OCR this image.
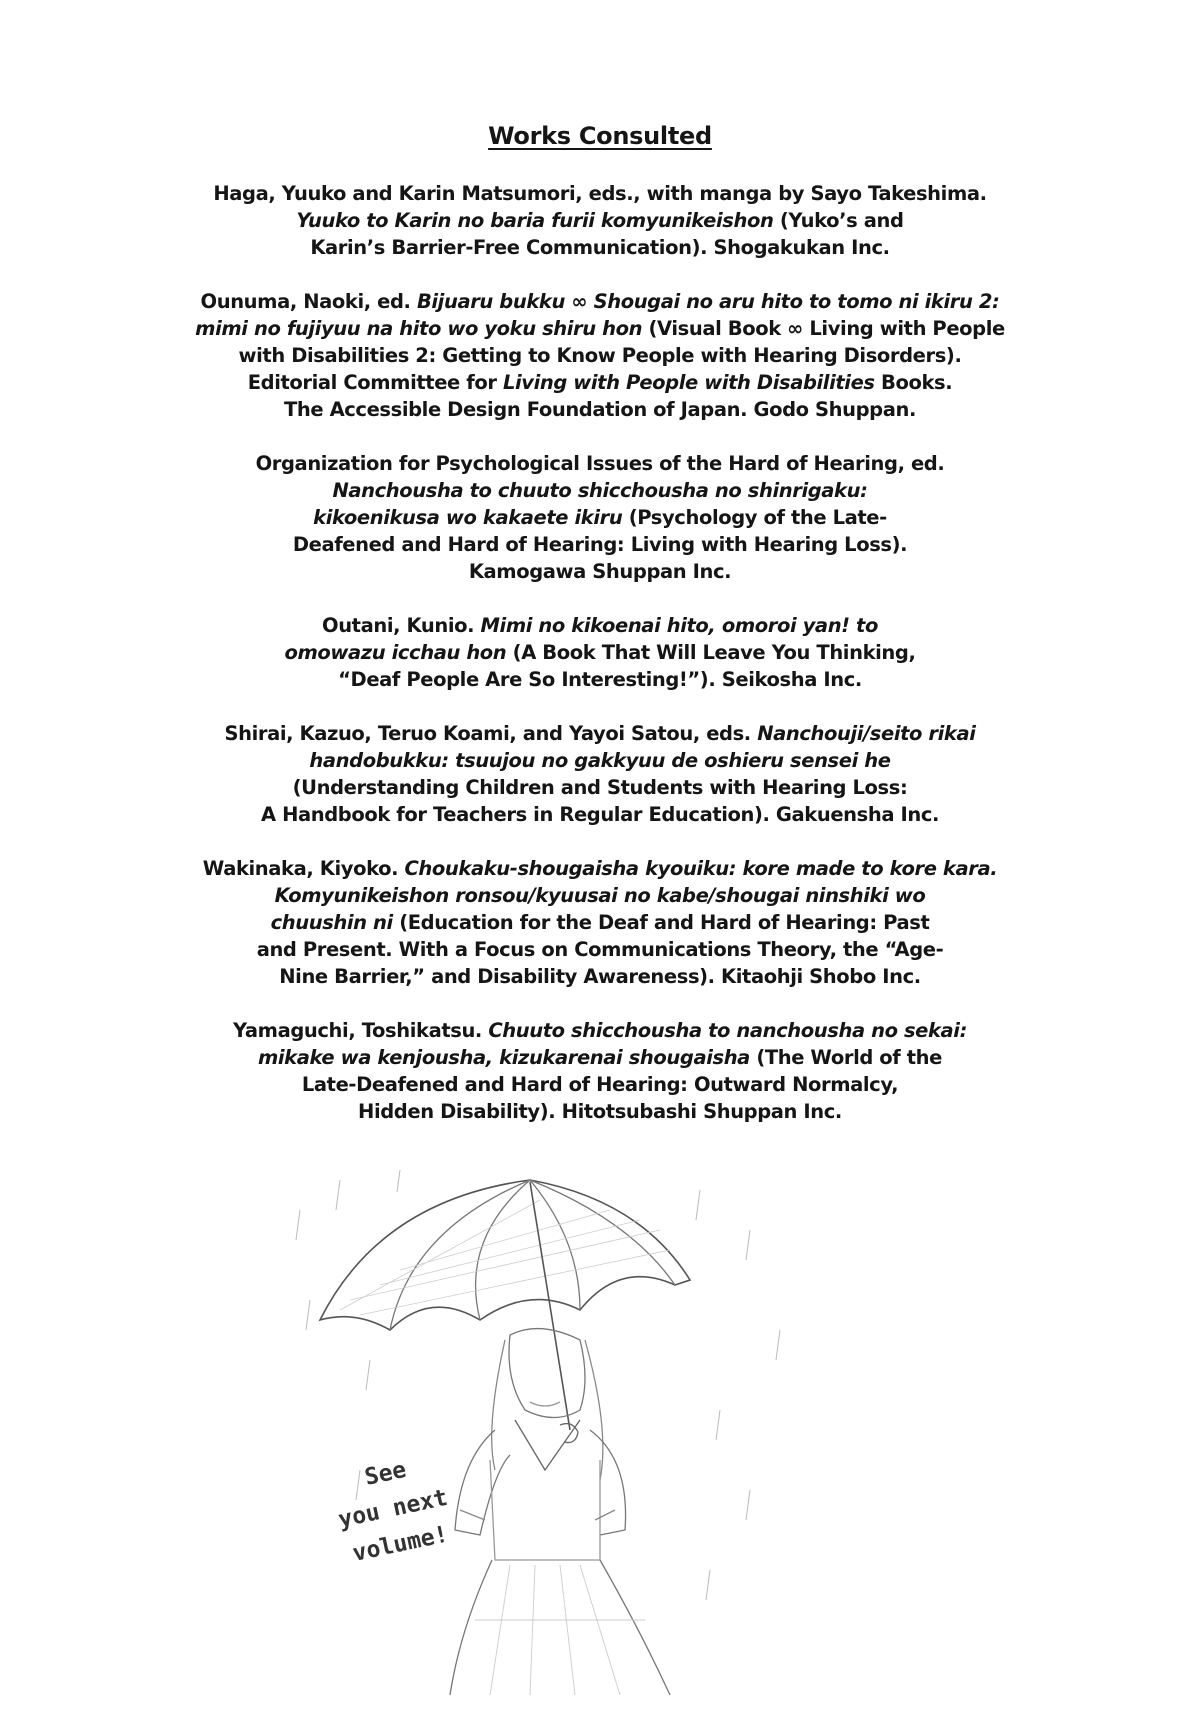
Works Consulted
Haga, Yuuko and Karin Matsumori, eds., with manga by Sayo Takeshima.
Yuuko to Karin no baria furii komyunikeishon (Yuko’s and
Karin’s Barrier-Free Communication). Shogakukan Inc.
Ounuma, Naoki, ed. Bijuaru bukku ∞ Shougai no aru hito to tomo ni ikiru 2:
mimi no fujiyuu na hito wo yoku shiru hon (Visual Book ∞ Living with People
with Disabilities 2: Getting to Know People with Hearing Disorders).
Editorial Committee for Living with People with Disabilities Books.
The Accessible Design Foundation of Japan. Godo Shuppan.
Organization for Psychological Issues of the Hard of Hearing, ed.
Nanchousha to chuuto shicchousha no shinrigaku:
kikoenikusa wo kakaete ikiru (Psychology of the Late-
Deafened and Hard of Hearing: Living with Hearing Loss).
Kamogawa Shuppan Inc.
Outani, Kunio. Mimi no kikoenai hito, omoroi yan! to
omowazu icchau hon (A Book That Will Leave You Thinking,
“Deaf People Are So Interesting!”). Seikosha Inc.
Shirai, Kazuo, Teruo Koami, and Yayoi Satou, eds. Nanchouji/seito rikai
handobukku: tsuujou no gakkyuu de oshieru sensei he
(Understanding Children and Students with Hearing Loss:
A Handbook for Teachers in Regular Education). Gakuensha Inc.
Wakinaka, Kiyoko. Choukaku-shougaisha kyouiku: kore made to kore kara.
Komyunikeishon ronsou/kyuusai no kabe/shougai ninshiki wo
chuushin ni (Education for the Deaf and Hard of Hearing: Past
and Present. With a Focus on Communications Theory, the “Age-
Nine Barrier,” and Disability Awareness). Kitaohji Shobo Inc.
Yamaguchi, Toshikatsu. Chuuto shicchousha to nanchousha no sekai:
mikake wa kenjousha, kizukarenai shougaisha (The World of the
Late-Deafened and Hard of Hearing: Outward Normalcy,
Hidden Disability). Hitotsubashi Shuppan Inc.
See
you next
volume!
